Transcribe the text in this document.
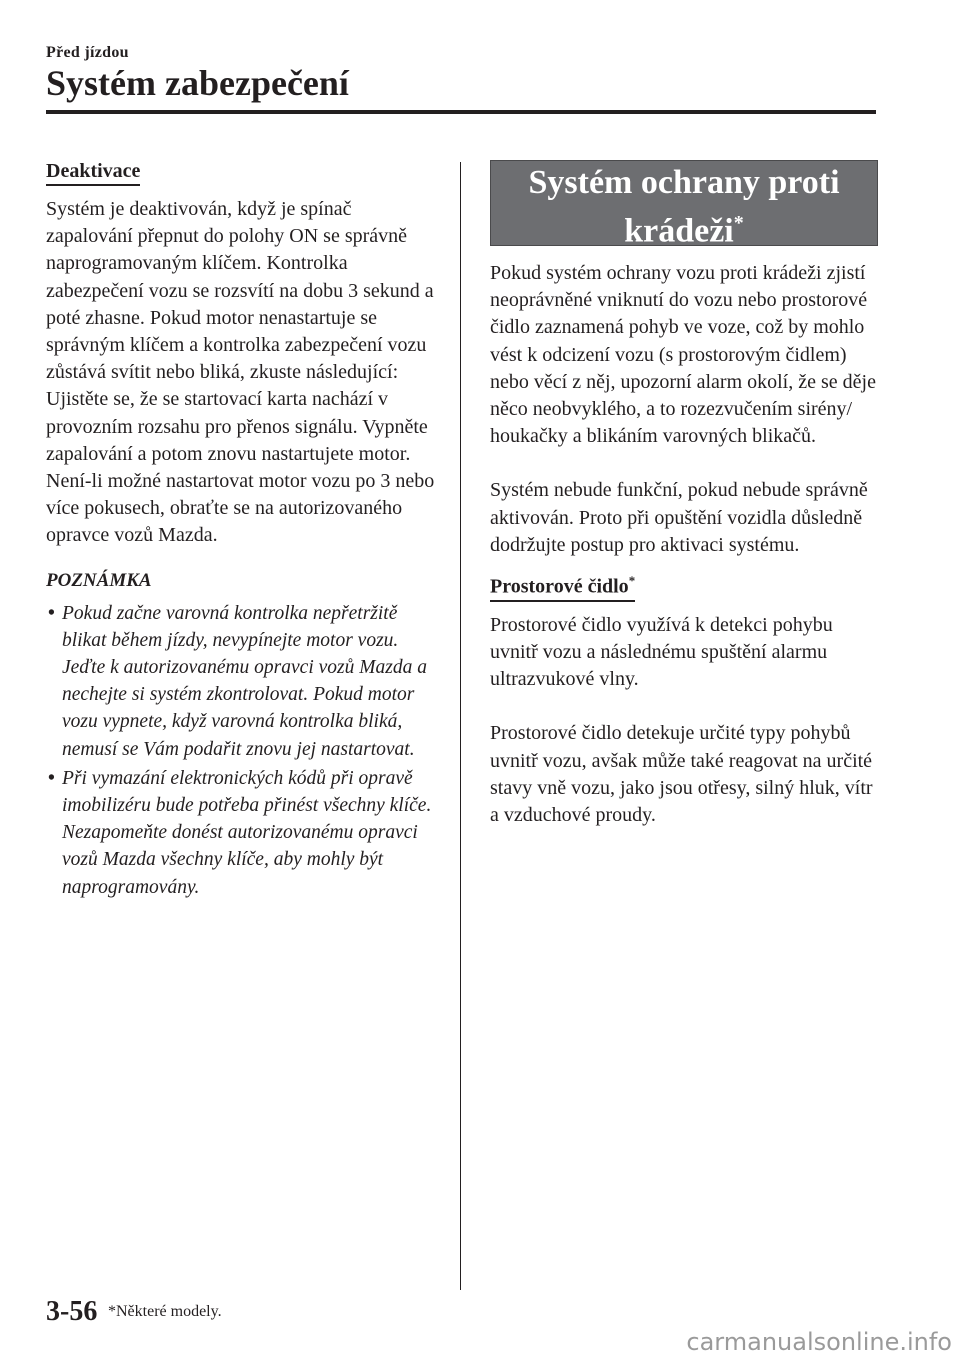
Před jízdou
Systém zabezpečení
Deaktivace

Systém je deaktivován, když je spínač zapalování přepnut do polohy ON se správně naprogramovaným klíčem. Kontrolka zabezpečení vozu se rozsvítí na dobu 3 sekund a poté zhasne. Pokud motor nenastartuje se správným klíčem a kontrolka zabezpečení vozu zůstává svítit nebo bliká, zkuste následující: Ujistěte se, že se startovací karta nachází v provozním rozsahu pro přenos signálu. Vypněte zapalování a potom znovu nastartujete motor. Není-li možné nastartovat motor vozu po 3 nebo více pokusech, obraťte se na autorizovaného opravce vozů Mazda.

POZNÁMKA
• Pokud začne varovná kontrolka nepřetržitě blikat během jízdy, nevypínejte motor vozu. Jeďte k autorizovanému opravci vozů Mazda a nechejte si systém zkontrolovat. Pokud motor vozu vypnete, když varovná kontrolka bliká, nemusí se Vám podařit znovu jej nastartovat.
• Při vymazání elektronických kódů při opravě imobilizéru bude potřeba přinést všechny klíče. Nezapomeňte donést autorizovanému opravci vozů Mazda všechny klíče, aby mohly být naprogramovány.
Systém ochrany proti
krádeži*

Pokud systém ochrany vozu proti krádeži zjistí neoprávněné vniknutí do vozu nebo prostorové čidlo zaznamená pohyb ve voze, což by mohlo vést k odcizení vozu (s prostorovým čidlem) nebo věcí z něj, upozorní alarm okolí, že se děje něco neobvyklého, a to rozezvučením sirény/ houkačky a blikáním varovných blikačů.

Systém nebude funkční, pokud nebude správně aktivován. Proto při opuštění vozidla důsledně dodržujte postup pro aktivaci systému.

Prostorové čidlo*

Prostorové čidlo využívá k detekci pohybu uvnitř vozu a následnému spuštění alarmu ultrazvukové vlny.

Prostorové čidlo detekuje určité typy pohybů uvnitř vozu, avšak může také reagovat na určité stavy vně vozu, jako jsou otřesy, silný hluk, vítr a vzduchové proudy.

3-56 *Některé modely.
carmanualsonline.info
